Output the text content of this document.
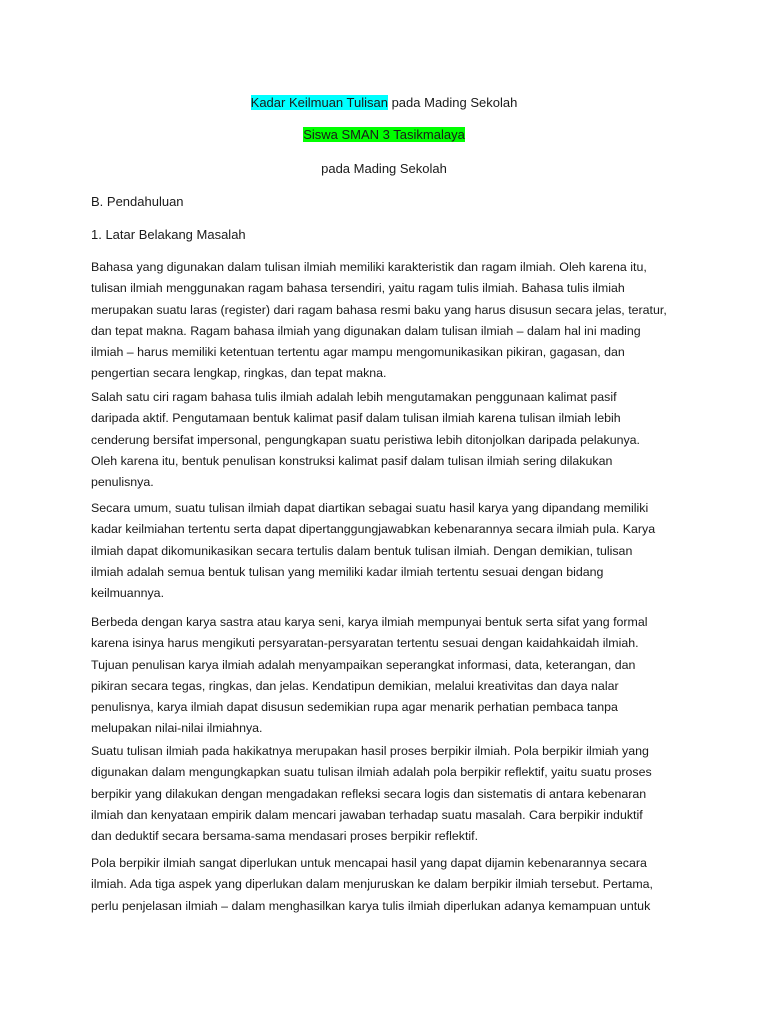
Kadar Keilmuan Tulisan pada Mading Sekolah
Siswa SMAN 3 Tasikmalaya
pada Mading Sekolah
B. Pendahuluan
1. Latar Belakang Masalah
Bahasa yang digunakan dalam tulisan ilmiah memiliki karakteristik dan ragam ilmiah. Oleh karena itu,
tulisan ilmiah menggunakan ragam bahasa tersendiri, yaitu ragam tulis ilmiah. Bahasa tulis ilmiah
merupakan suatu laras (register) dari ragam bahasa resmi baku yang harus disusun secara jelas, teratur,
dan tepat makna. Ragam bahasa ilmiah yang digunakan dalam tulisan ilmiah – dalam hal ini mading
ilmiah – harus memiliki ketentuan tertentu agar mampu mengomunikasikan pikiran, gagasan, dan
pengertian secara lengkap, ringkas, dan tepat makna.
Salah satu ciri ragam bahasa tulis ilmiah adalah lebih mengutamakan penggunaan kalimat pasif
daripada aktif. Pengutamaan bentuk kalimat pasif dalam tulisan ilmiah karena tulisan ilmiah lebih
cenderung bersifat impersonal, pengungkapan suatu peristiwa lebih ditonjolkan daripada pelakunya.
Oleh karena itu, bentuk penulisan konstruksi kalimat pasif dalam tulisan ilmiah sering dilakukan
penulisnya.
Secara umum, suatu tulisan ilmiah dapat diartikan sebagai suatu hasil karya yang dipandang memiliki
kadar keilmiahan tertentu serta dapat dipertanggungjawabkan kebenarannya secara ilmiah pula. Karya
ilmiah dapat dikomunikasikan secara tertulis dalam bentuk tulisan ilmiah. Dengan demikian, tulisan
ilmiah adalah semua bentuk tulisan yang memiliki kadar ilmiah tertentu sesuai dengan bidang
keilmuannya.
Berbeda dengan karya sastra atau karya seni, karya ilmiah mempunyai bentuk serta sifat yang formal
karena isinya harus mengikuti persyaratan-persyaratan tertentu sesuai dengan kaidahkaidah ilmiah.
Tujuan penulisan karya ilmiah adalah menyampaikan seperangkat informasi, data, keterangan, dan
pikiran secara tegas, ringkas, dan jelas. Kendatipun demikian, melalui kreativitas dan daya nalar
penulisnya, karya ilmiah dapat disusun sedemikian rupa agar menarik perhatian pembaca tanpa
melupakan nilai-nilai ilmiahnya.
Suatu tulisan ilmiah pada hakikatnya merupakan hasil proses berpikir ilmiah. Pola berpikir ilmiah yang
digunakan dalam mengungkapkan suatu tulisan ilmiah adalah pola berpikir reflektif, yaitu suatu proses
berpikir yang dilakukan dengan mengadakan refleksi secara logis dan sistematis di antara kebenaran
ilmiah dan kenyataan empirik dalam mencari jawaban terhadap suatu masalah. Cara berpikir induktif
dan deduktif secara bersama-sama mendasari proses berpikir reflektif.
Pola berpikir ilmiah sangat diperlukan untuk mencapai hasil yang dapat dijamin kebenarannya secara
ilmiah. Ada tiga aspek yang diperlukan dalam menjuruskan ke dalam berpikir ilmiah tersebut. Pertama,
perlu penjelasan ilmiah – dalam menghasilkan karya tulis ilmiah diperlukan adanya kemampuan untuk
